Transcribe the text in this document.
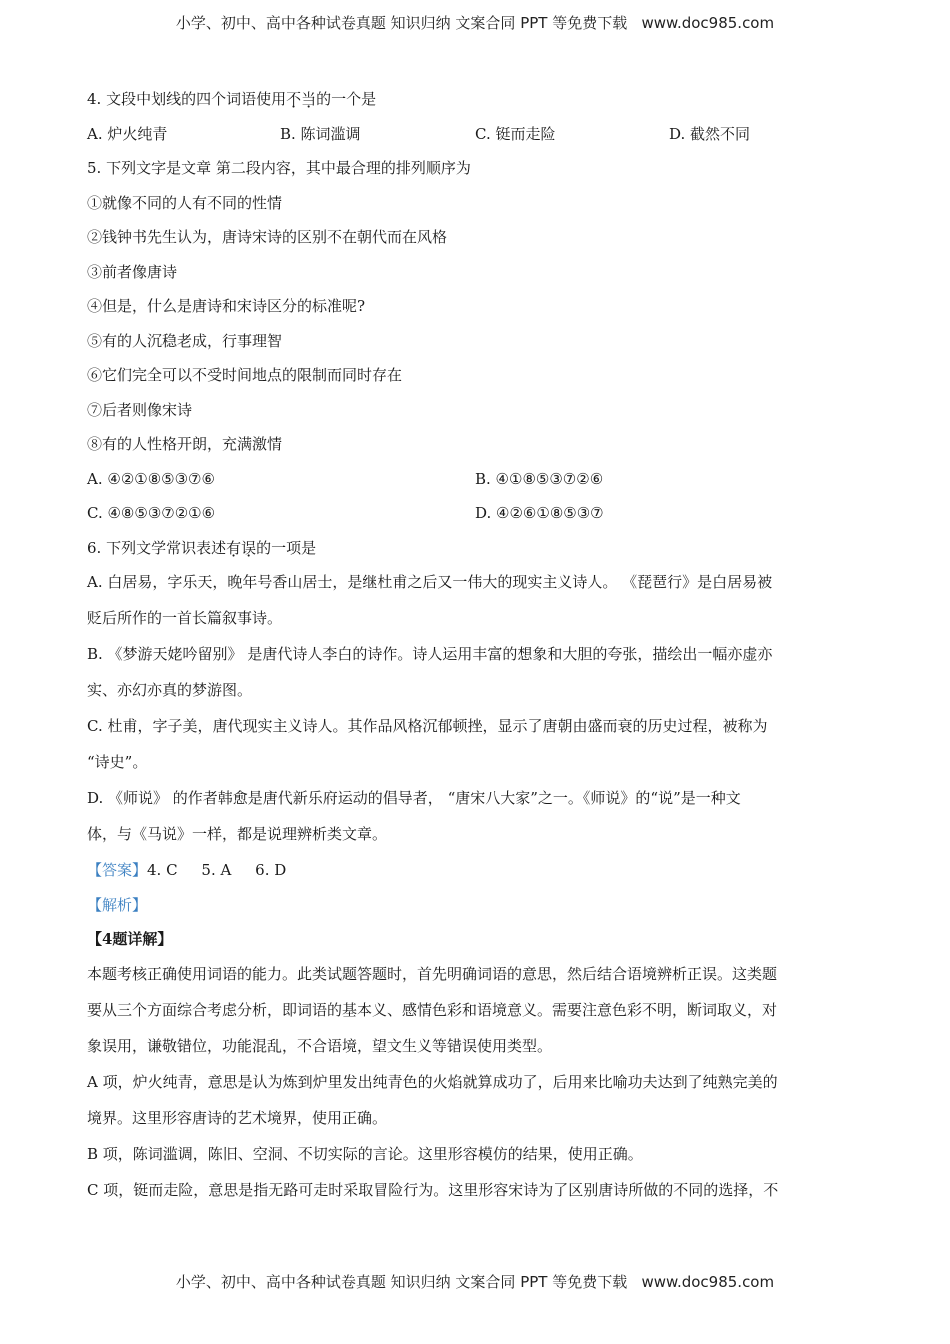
小学、初中、高中各种试卷真题 知识归纳 文案合同 PPT 等免费下载   www.doc985.com
4. 文段中划线的四个词语使用不当的一个是
A. 炉火纯青	B. 陈词滥调	C. 铤而走险	D. 截然不同
5. 下列文字是文章 第二段内容，其中最合理的排列顺序为
①就像不同的人有不同的性情
②钱钟书先生认为，唐诗宋诗的区别不在朝代而在风格
③前者像唐诗
④但是，什么是唐诗和宋诗区分的标准呢?
⑤有的人沉稳老成，行事理智
⑥它们完全可以不受时间地点的限制而同时存在
⑦后者则像宋诗
⑧有的人性格开朗，充满激情
A. ④②①⑧⑤③⑦⑥	B. ④①⑧⑤③⑦②⑥
C. ④⑧⑤③⑦②①⑥	D. ④②⑥①⑧⑤③⑦
6. 下列文学常识表述有误的一项是
A. 白居易，字乐天，晚年号香山居士，是继杜甫之后又一伟大的现实主义诗人。 《琵琶行》是白居易被
贬后所作的一首长篇叙事诗。
B. 《梦游天姥吟留别》 是唐代诗人李白的诗作。诗人运用丰富的想象和大胆的夸张，描绘出一幅亦虚亦
实、亦幻亦真的梦游图。
C. 杜甫，字子美，唐代现实主义诗人。其作品风格沉郁顿挫，显示了唐朝由盛而衰的历史过程，被称为
“诗史”。
D. 《师说》 的作者韩愈是唐代新乐府运动的倡导者， “唐宋八大家”之一。《师说》的“说”是一种文
体，与《马说》一样，都是说理辨析类文章。
【答案】4. C     5. A     6. D
【解析】
【4题详解】
本题考核正确使用词语的能力。此类试题答题时，首先明确词语的意思，然后结合语境辨析正误。这类题
要从三个方面综合考虑分析，即词语的基本义、感情色彩和语境意义。需要注意色彩不明，断词取义，对
象误用，谦敬错位，功能混乱，不合语境，望文生义等错误使用类型。
A 项，炉火纯青，意思是认为炼到炉里发出纯青色的火焰就算成功了，后用来比喻功夫达到了纯熟完美的
境界。这里形容唐诗的艺术境界，使用正确。
B 项，陈词滥调，陈旧、空洞、不切实际的言论。这里形容模仿的结果，使用正确。
C 项，铤而走险，意思是指无路可走时采取冒险行为。这里形容宋诗为了区别唐诗所做的不同的选择，不
小学、初中、高中各种试卷真题 知识归纳 文案合同 PPT 等免费下载   www.doc985.com
